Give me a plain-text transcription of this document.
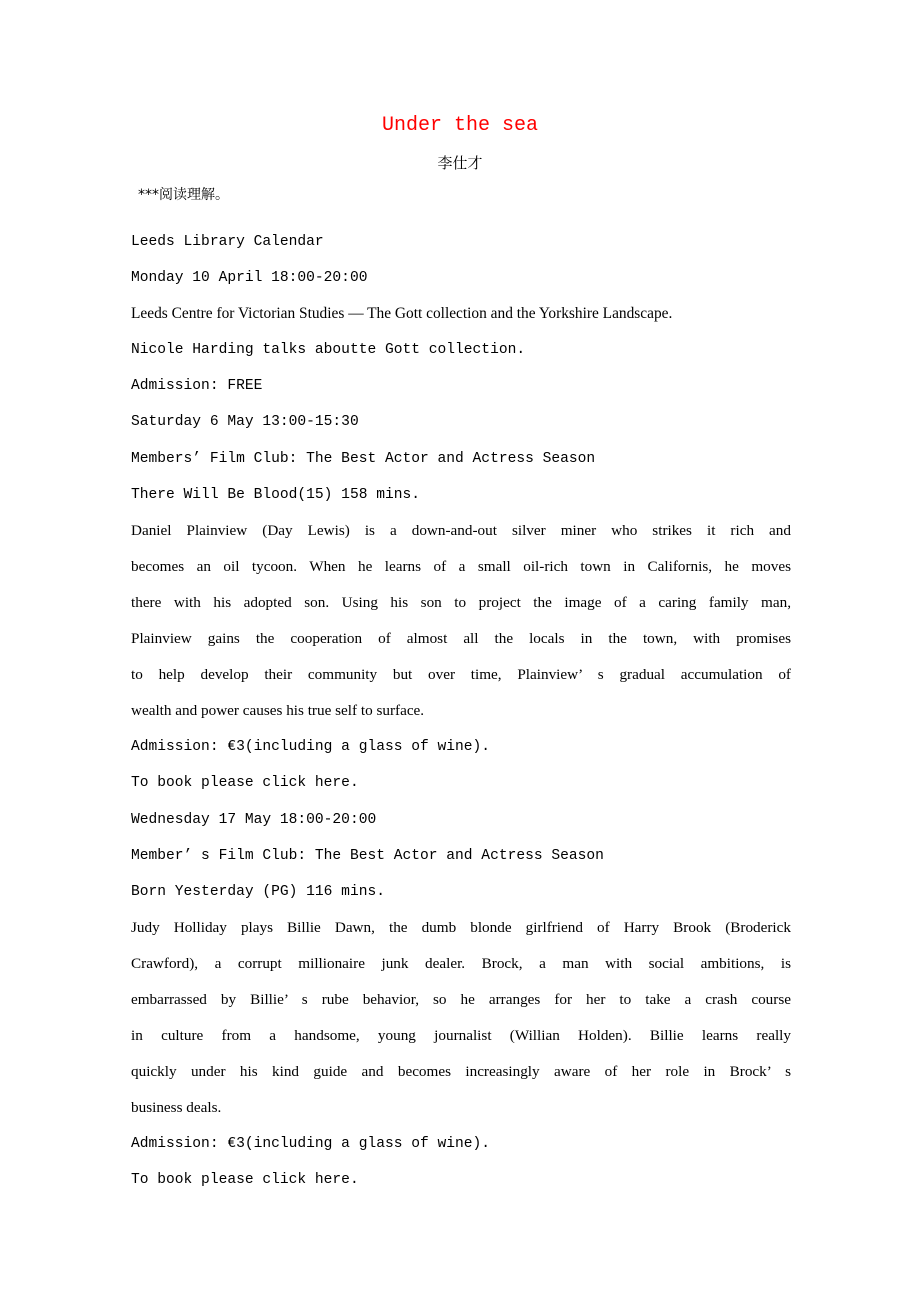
Under the sea
李仕才
***阅读理解。
Leeds Library Calendar
Monday 10 April 18:00-20:00
Leeds Centre for Victorian Studies — The Gott collection and the Yorkshire Landscape.
Nicole Harding talks aboutte Gott collection.
Admission: FREE
Saturday 6 May 13:00-15:30
Members’ Film Club: The Best Actor and Actress Season
There Will Be Blood(15) 158 mins.
Daniel Plainview (Day Lewis) is a down-and-out silver miner who strikes it rich and
becomes an oil tycoon. When he learns of a small oil-rich town in Californis, he moves
there with his adopted son. Using his son to project the image of a caring family man,
Plainview gains the cooperation of almost all the locals in the town, with promises
to help develop their community but over time, Plainview’ s gradual accumulation of
wealth and power causes his true self to surface.
Admission: €3(including a glass of wine).
To book please click here.
Wednesday 17 May 18:00-20:00
Member’ s Film Club: The Best Actor and Actress Season
Born Yesterday (PG) 116 mins.
Judy Holliday plays Billie Dawn, the dumb blonde girlfriend of Harry Brook (Broderick
Crawford), a corrupt millionaire junk dealer. Brock, a man with social ambitions, is
embarrassed by Billie’ s rube behavior, so he arranges for her to take a crash course
in culture from a handsome, young journalist (Willian Holden). Billie learns really
quickly under his kind guide and becomes increasingly aware of her role in Brock’ s
business deals.
Admission: €3(including a glass of wine).
To book please click here.
